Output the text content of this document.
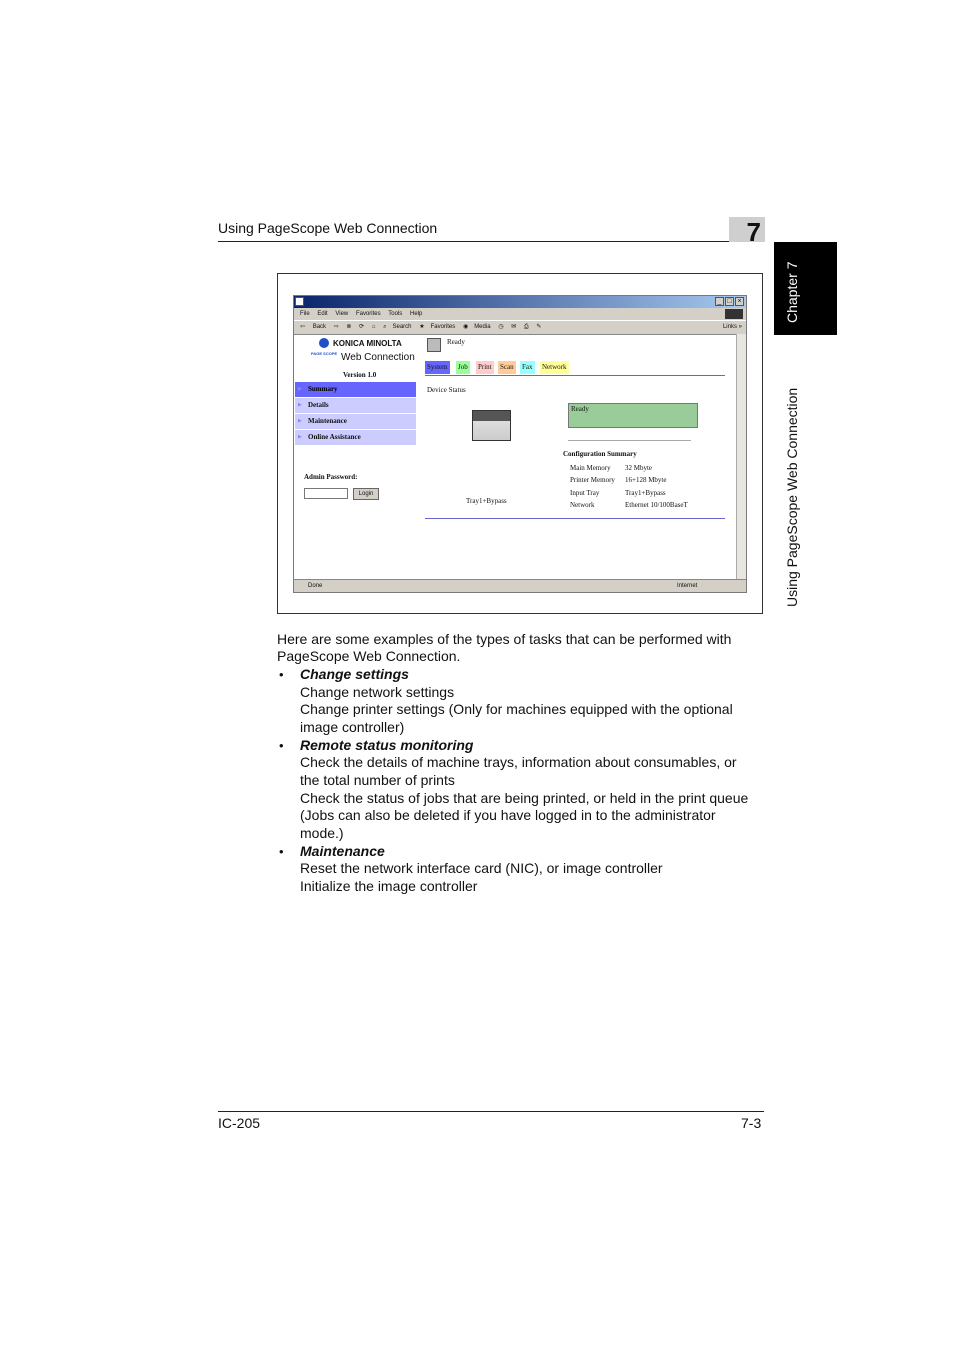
Using PageScope Web Connection	7
Chapter 7
Using PageScope Web Connection
_ □ ×
File Edit View Favorites Tools Help
⇦ Back ⇨ ⊗ ⟳ ⌂ ⌕ Search ★ Favorites ◉ Media ◷ ✉ ⎙ ✎	Links »
Done	Internet
KONICA MINOLTA
PAGE SCOPE Web Connection
Version 1.0
Ready
System Job Print Scan Fax Network
▶ Summary
▶ Details
▶ Maintenance
▶ Online Assistance
Admin Password:
Login
Device Status
Tray1+Bypass
Ready
Configuration Summary
Main Memory 32 Mbyte
Printer Memory 16+128 Mbyte
Input Tray	Tray1+Bypass
Network	Ethernet 10/100BaseT
Here are some examples of the types of tasks that can be performed with
PageScope Web Connection.
• Change settings
Change network settings
Change printer settings (Only for machines equipped with the optional
image controller)
• Remote status monitoring
Check the details of machine trays, information about consumables, or
the total number of prints
Check the status of jobs that are being printed, or held in the print queue
(Jobs can also be deleted if you have logged in to the administrator
mode.)
• Maintenance
Reset the network interface card (NIC), or image controller
Initialize the image controller
IC-205	7-3
